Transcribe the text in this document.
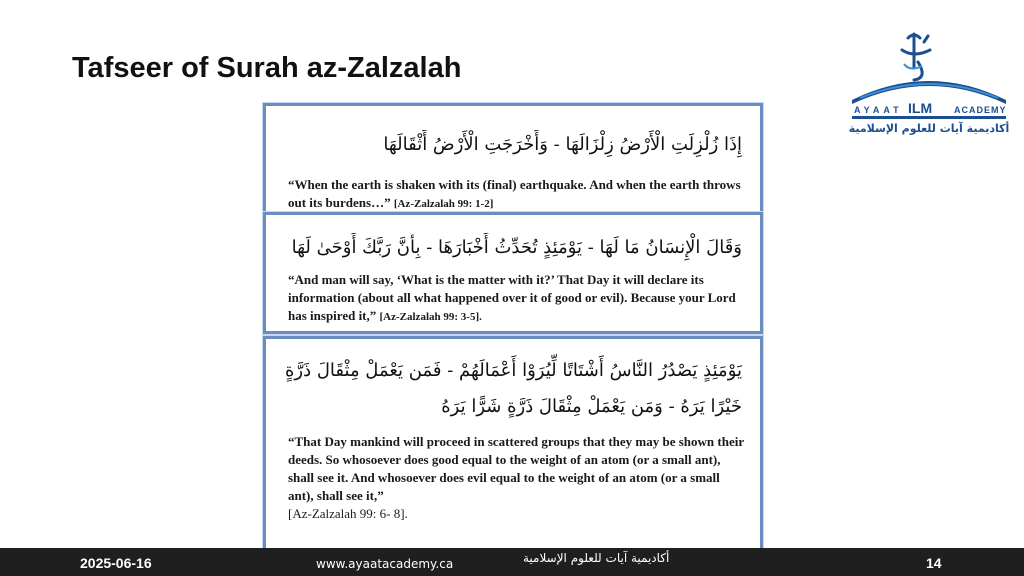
Tafseer of Surah az-Zalzalah
AYAAT ILM ACADEMY
أكاديمية آيات للعلوم الإسلامية
إِذَا زُلْزِلَتِ الْأَرْضُ زِلْزَالَهَا - وَأَخْرَجَتِ الْأَرْضُ أَثْقَالَهَا
“When the earth is shaken with its (final) earthquake. And when the earth throws out its burdens…” [Az-Zalzalah 99: 1-2]
وَقَالَ الْإِنسَانُ مَا لَهَا - يَوْمَئِذٍ تُحَدِّثُ أَخْبَارَهَا - بِأَنَّ رَبَّكَ أَوْحَىٰ لَهَا
“And man will say, ‘What is the matter with it?’ That Day it will declare its information (about all what happened over it of good or evil). Because your Lord has inspired it,” [Az-Zalzalah 99: 3-5].
يَوْمَئِذٍ يَصْدُرُ النَّاسُ أَشْتَاتًا لِّيُرَوْا أَعْمَالَهُمْ - فَمَن يَعْمَلْ مِثْقَالَ ذَرَّةٍ
خَيْرًا يَرَهُ - وَمَن يَعْمَلْ مِثْقَالَ ذَرَّةٍ شَرًّا يَرَهُ
“That Day mankind will proceed in scattered groups that they may be shown their deeds. So whosoever does good equal to the weight of an atom (or a small ant), shall see it. And whosoever does evil equal to the weight of an atom (or a small ant), shall see it,”
[Az-Zalzalah 99: 6- 8].
2025-06-16	www.ayaatacademy.ca	أكاديمية آيات للعلوم الإسلامية	14
